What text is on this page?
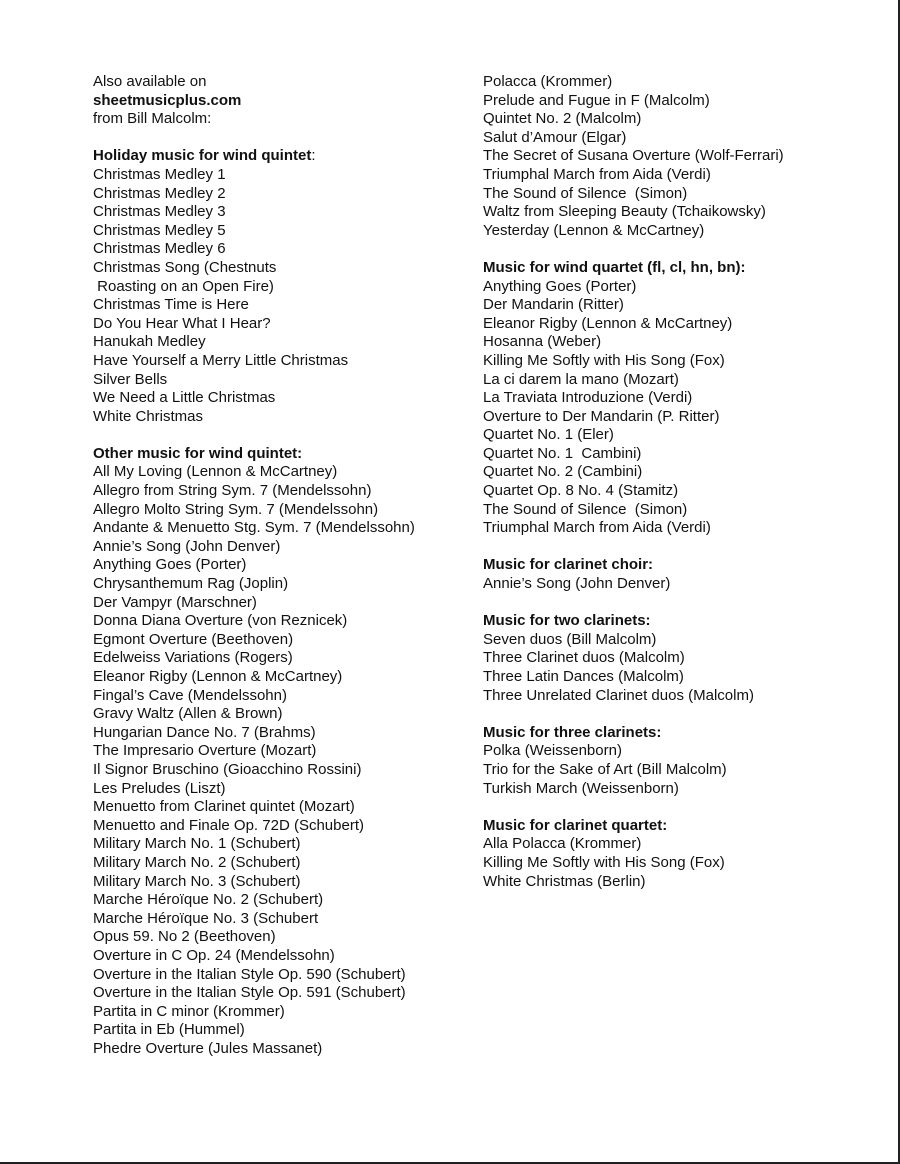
Also available on
sheetmusicplus.com
from Bill Malcolm:
Holiday music for wind quintet:
Christmas Medley 1
Christmas Medley 2
Christmas Medley 3
Christmas Medley 5
Christmas Medley 6
Christmas Song (Chestnuts
Roasting on an Open Fire)
Christmas Time is Here
Do You Hear What I Hear?
Hanukah Medley
Have Yourself a Merry Little Christmas
Silver Bells
We Need a Little Christmas
White Christmas
Other music for wind quintet:
All My Loving (Lennon & McCartney)
Allegro from String Sym. 7 (Mendelssohn)
Allegro Molto String Sym. 7 (Mendelssohn)
Andante & Menuetto Stg. Sym. 7 (Mendelssohn)
Annie’s Song (John Denver)
Anything Goes (Porter)
Chrysanthemum Rag (Joplin)
Der Vampyr (Marschner)
Donna Diana Overture (von Reznicek)
Egmont Overture (Beethoven)
Edelweiss Variations (Rogers)
Eleanor Rigby (Lennon & McCartney)
Fingal’s Cave (Mendelssohn)
Gravy Waltz (Allen & Brown)
Hungarian Dance No. 7 (Brahms)
The Impresario Overture (Mozart)
Il Signor Bruschino (Gioacchino Rossini)
Les Preludes (Liszt)
Menuetto from Clarinet quintet (Mozart)
Menuetto and Finale Op. 72D (Schubert)
Military March No. 1 (Schubert)
Military March No. 2 (Schubert)
Military March No. 3 (Schubert)
Marche Héroïque No. 2 (Schubert)
Marche Héroïque No. 3 (Schubert
Opus 59. No 2 (Beethoven)
Overture in C Op. 24 (Mendelssohn)
Overture in the Italian Style Op. 590 (Schubert)
Overture in the Italian Style Op. 591 (Schubert)
Partita in C minor (Krommer)
Partita in Eb (Hummel)
Phedre Overture (Jules Massanet)
Polacca (Krommer)
Prelude and Fugue in F (Malcolm)
Quintet No. 2 (Malcolm)
Salut d’Amour (Elgar)
The Secret of Susana Overture (Wolf-Ferrari)
Triumphal March from Aida (Verdi)
The Sound of Silence  (Simon)
Waltz from Sleeping Beauty (Tchaikowsky)
Yesterday (Lennon & McCartney)
Music for wind quartet (fl, cl, hn, bn):
Anything Goes (Porter)
Der Mandarin (Ritter)
Eleanor Rigby (Lennon & McCartney)
Hosanna (Weber)
Killing Me Softly with His Song (Fox)
La ci darem la mano (Mozart)
La Traviata Introduzione (Verdi)
Overture to Der Mandarin (P. Ritter)
Quartet No. 1 (Eler)
Quartet No. 1  Cambini)
Quartet No. 2 (Cambini)
Quartet Op. 8 No. 4 (Stamitz)
The Sound of Silence  (Simon)
Triumphal March from Aida (Verdi)
Music for clarinet choir:
Annie’s Song (John Denver)
Music for two clarinets:
Seven duos (Bill Malcolm)
Three Clarinet duos (Malcolm)
Three Latin Dances (Malcolm)
Three Unrelated Clarinet duos (Malcolm)
Music for three clarinets:
Polka (Weissenborn)
Trio for the Sake of Art (Bill Malcolm)
Turkish March (Weissenborn)
Music for clarinet quartet:
Alla Polacca (Krommer)
Killing Me Softly with His Song (Fox)
White Christmas (Berlin)
